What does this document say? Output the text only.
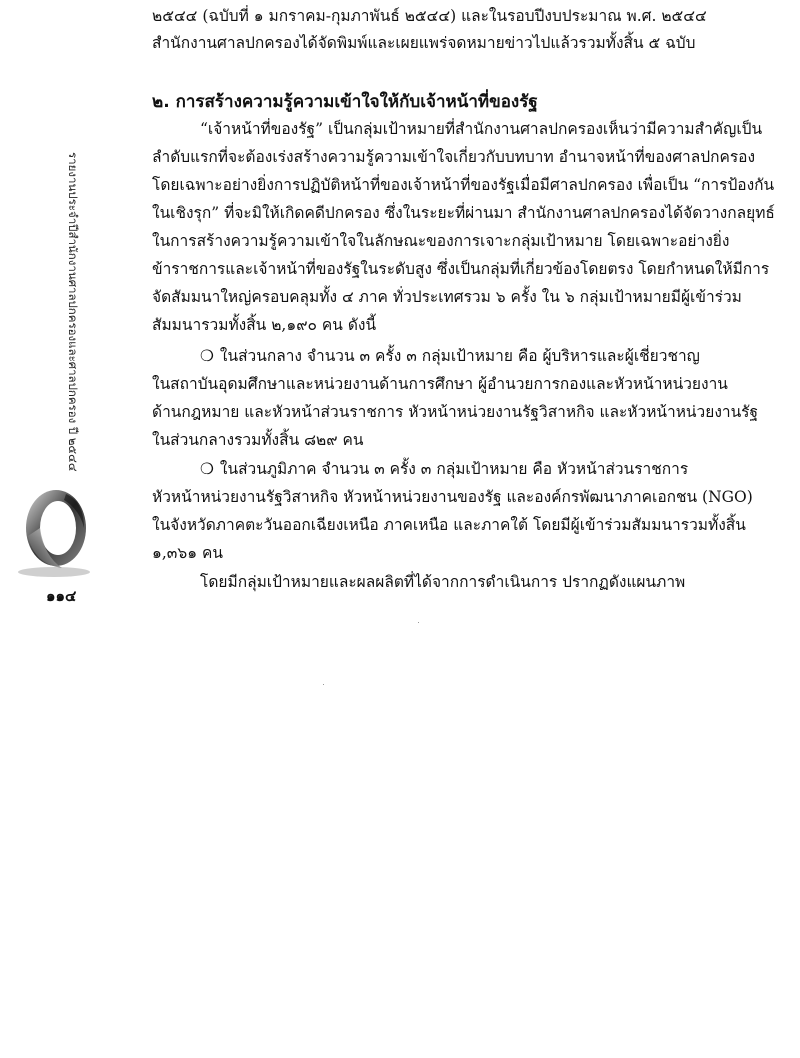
๒๕๔๔ (ฉบับที่ ๑ มกราคม-กุมภาพันธ์ ๒๕๔๔) และในรอบปีงบประมาณ พ.ศ. ๒๕๔๔
สำนักงานศาลปกครองได้จัดพิมพ์และเผยแพร่จดหมายข่าวไปแล้วรวมทั้งสิ้น ๕ ฉบับ
๒. การสร้างความรู้ความเข้าใจให้กับเจ้าหน้าที่ของรัฐ
“เจ้าหน้าที่ของรัฐ” เป็นกลุ่มเป้าหมายที่สำนักงานศาลปกครองเห็นว่ามีความสำคัญเป็น
ลำดับแรกที่จะต้องเร่งสร้างความรู้ความเข้าใจเกี่ยวกับบทบาท อำนาจหน้าที่ของศาลปกครอง
โดยเฉพาะอย่างยิ่งการปฏิบัติหน้าที่ของเจ้าหน้าที่ของรัฐเมื่อมีศาลปกครอง เพื่อเป็น “การป้องกัน
ในเชิงรุก” ที่จะมิให้เกิดคดีปกครอง ซึ่งในระยะที่ผ่านมา สำนักงานศาลปกครองได้จัดวางกลยุทธ์
ในการสร้างความรู้ความเข้าใจในลักษณะของการเจาะกลุ่มเป้าหมาย โดยเฉพาะอย่างยิ่ง
ข้าราชการและเจ้าหน้าที่ของรัฐในระดับสูง ซึ่งเป็นกลุ่มที่เกี่ยวข้องโดยตรง โดยกำหนดให้มีการ
จัดสัมมนาใหญ่ครอบคลุมทั้ง ๔ ภาค ทั่วประเทศรวม ๖ ครั้ง ใน ๖ กลุ่มเป้าหมายมีผู้เข้าร่วม
สัมมนารวมทั้งสิ้น ๒,๑๙๐ คน ดังนี้
❍ ในส่วนกลาง จำนวน ๓ ครั้ง ๓ กลุ่มเป้าหมาย คือ ผู้บริหารและผู้เชี่ยวชาญ
ในสถาบันอุดมศึกษาและหน่วยงานด้านการศึกษา ผู้อำนวยการกองและหัวหน้าหน่วยงาน
ด้านกฎหมาย และหัวหน้าส่วนราชการ หัวหน้าหน่วยงานรัฐวิสาหกิจ และหัวหน้าหน่วยงานรัฐ
ในส่วนกลางรวมทั้งสิ้น ๘๒๙ คน
❍ ในส่วนภูมิภาค จำนวน ๓ ครั้ง ๓ กลุ่มเป้าหมาย คือ หัวหน้าส่วนราชการ
หัวหน้าหน่วยงานรัฐวิสาหกิจ หัวหน้าหน่วยงานของรัฐ และองค์กรพัฒนาภาคเอกชน (NGO)
ในจังหวัดภาคตะวันออกเฉียงเหนือ ภาคเหนือ และภาคใต้ โดยมีผู้เข้าร่วมสัมมนารวมทั้งสิ้น
๑,๓๖๑ คน
โดยมีกลุ่มเป้าหมายและผลผลิตที่ได้จากการดำเนินการ ปรากฏดังแผนภาพ
รายงานประจำปีสำนักงานศาลปกครองและศาลปกครอง ปี ๒๕๔๔
๑๑๔
